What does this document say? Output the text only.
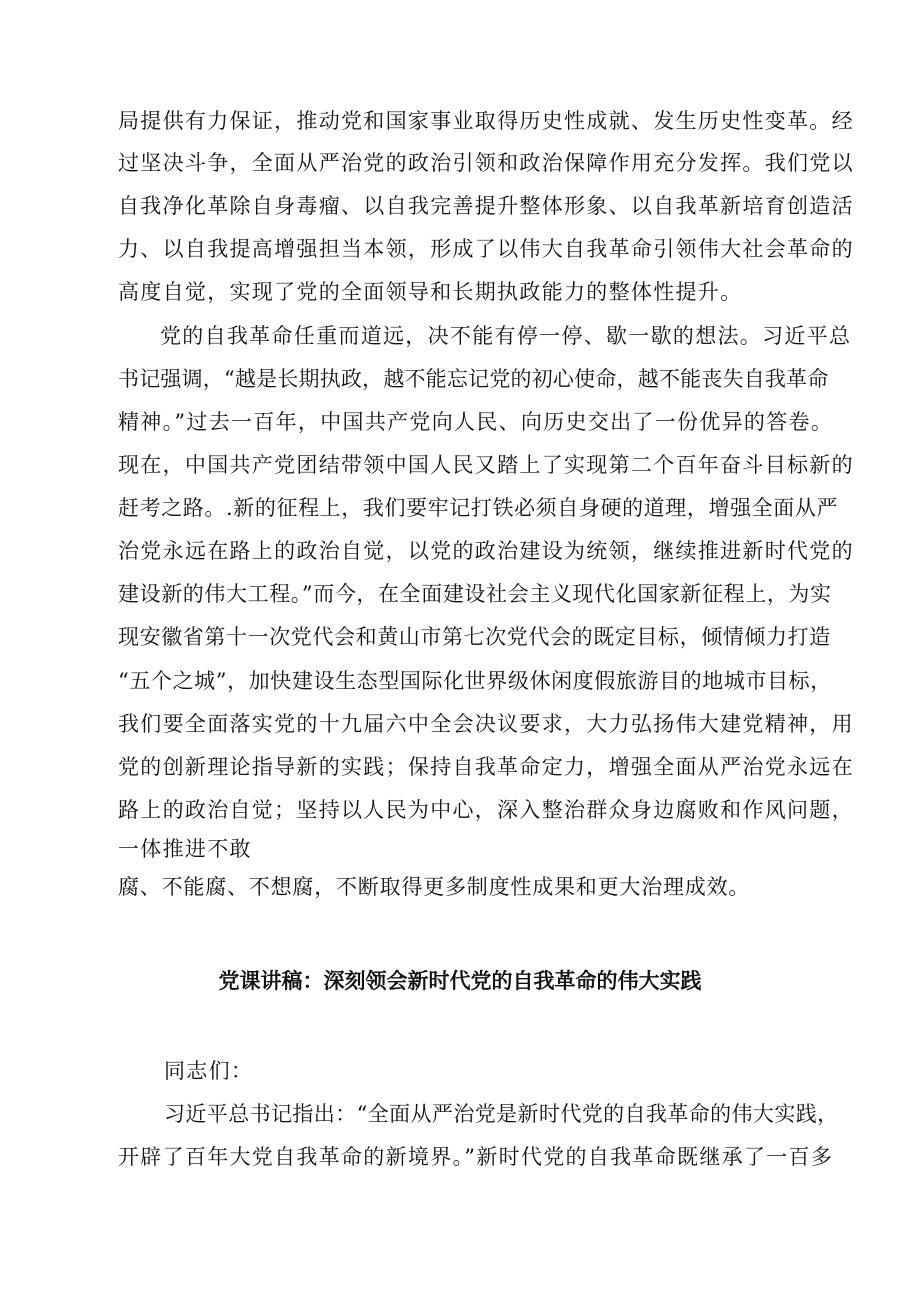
局提供有力保证，推动党和国家事业取得历史性成就、发生历史性变革。经
过坚决斗争，全面从严治党的政治引领和政治保障作用充分发挥。我们党以
自我净化革除自身毒瘤、以自我完善提升整体形象、以自我革新培育创造活
力、以自我提高增强担当本领，形成了以伟大自我革命引领伟大社会革命的
高度自觉，实现了党的全面领导和长期执政能力的整体性提升。
党的自我革命任重而道远，决不能有停一停、歇一歇的想法。习近平总
书记强调，“越是长期执政，越不能忘记党的初心使命，越不能丧失自我革命
精神。”过去一百年，中国共产党向人民、向历史交出了一份优异的答卷。
现在，中国共产党团结带领中国人民又踏上了实现第二个百年奋斗目标新的
赶考之路。.新的征程上，我们要牢记打铁必须自身硬的道理，增强全面从严
治党永远在路上的政治自觉，以党的政治建设为统领，继续推进新时代党的
建设新的伟大工程。”而今，在全面建设社会主义现代化国家新征程上，为实
现安徽省第十一次党代会和黄山市第七次党代会的既定目标，倾情倾力打造
“五个之城”，加快建设生态型国际化世界级休闲度假旅游目的地城市目标，
我们要全面落实党的十九届六中全会决议要求，大力弘扬伟大建党精神，用
党的创新理论指导新的实践；保持自我革命定力，增强全面从严治党永远在
路上的政治自觉；坚持以人民为中心，深入整治群众身边腐败和作风问题，
一体推进不敢
腐、不能腐、不想腐，不断取得更多制度性成果和更大治理成效。
党课讲稿：深刻领会新时代党的自我革命的伟大实践
同志们：
习近平总书记指出：“全面从严治党是新时代党的自我革命的伟大实践，
开辟了百年大党自我革命的新境界。”新时代党的自我革命既继承了一百多
